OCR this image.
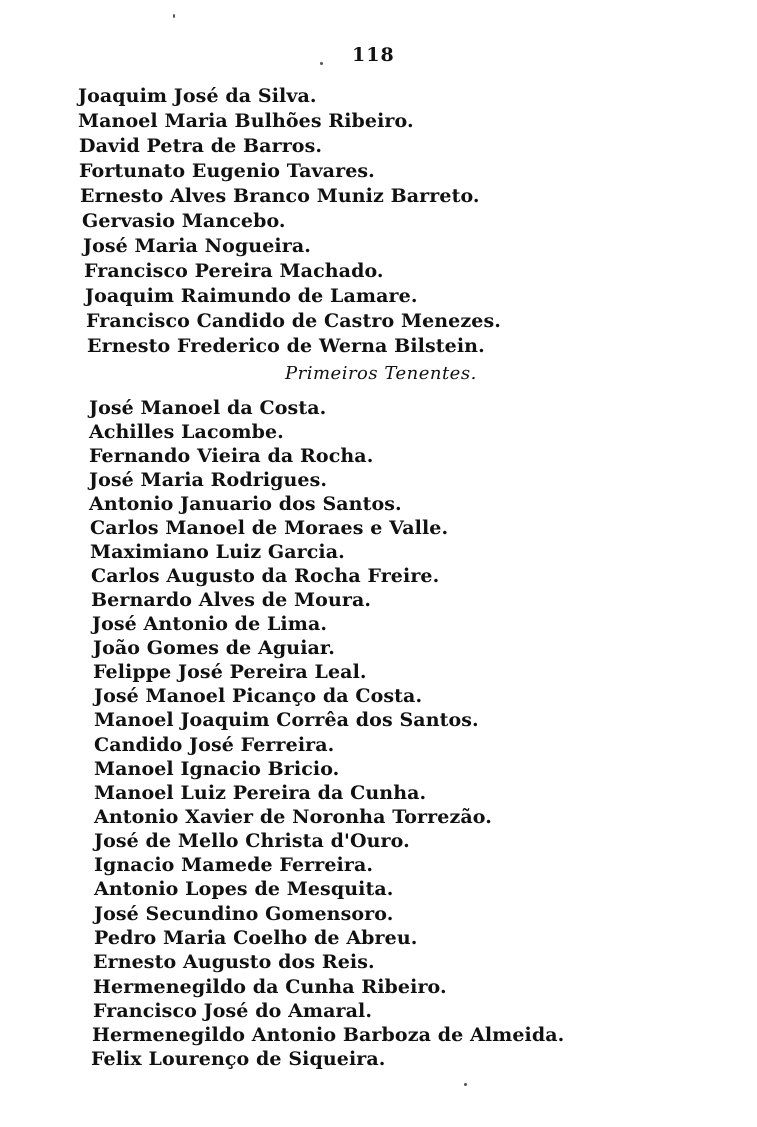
118
Joaquim José da Silva.
Manoel Maria Bulhões Ribeiro.
David Petra de Barros.
Fortunato Eugenio Tavares.
Ernesto Alves Branco Muniz Barreto.
Gervasio Mancebo.
José Maria Nogueira.
Francisco Pereira Machado.
Joaquim Raimundo de Lamare.
Francisco Candido de Castro Menezes.
Ernesto Frederico de Werna Bilstein.
Primeiros Tenentes.
José Manoel da Costa.
Achilles Lacombe.
Fernando Vieira da Rocha.
José Maria Rodrigues.
Antonio Januario dos Santos.
Carlos Manoel de Moraes e Valle.
Maximiano Luiz Garcia.
Carlos Augusto da Rocha Freire.
Bernardo Alves de Moura.
José Antonio de Lima.
João Gomes de Aguiar.
Felippe José Pereira Leal.
José Manoel Picanço da Costa.
Manoel Joaquim Corrêa dos Santos.
Candido José Ferreira.
Manoel Ignacio Bricio.
Manoel Luiz Pereira da Cunha.
Antonio Xavier de Noronha Torrezão.
José de Mello Christa d'Ouro.
Ignacio Mamede Ferreira.
Antonio Lopes de Mesquita.
José Secundino Gomensoro.
Pedro Maria Coelho de Abreu.
Ernesto Augusto dos Reis.
Hermenegildo da Cunha Ribeiro.
Francisco José do Amaral.
Hermenegildo Antonio Barboza de Almeida.
Felix Lourenço de Siqueira.
